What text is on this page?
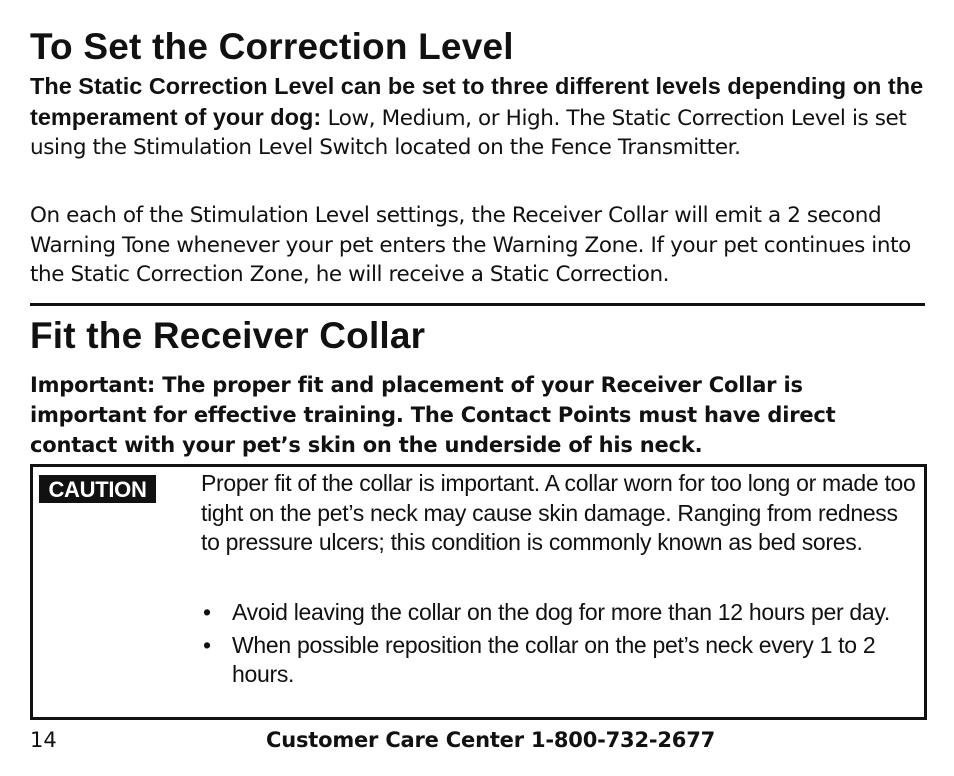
To Set the Correction Level

The Static Correction Level can be set to three different levels depending on the temperament of your dog: Low, Medium, or High. The Static Correction Level is set using the Stimulation Level Switch located on the Fence Transmitter.

On each of the Stimulation Level settings, the Receiver Collar will emit a 2 second Warning Tone whenever your pet enters the Warning Zone. If your pet continues into the Static Correction Zone, he will receive a Static Correction.

Fit the Receiver Collar

Important: The proper fit and placement of your Receiver Collar is important for effective training. The Contact Points must have direct contact with your pet’s skin on the underside of his neck.

CAUTION	Proper fit of the collar is important. A collar worn for too long or made too tight on the pet’s neck may cause skin damage. Ranging from redness to pressure ulcers; this condition is commonly known as bed sores.

• Avoid leaving the collar on the dog for more than 12 hours per day.
• When possible reposition the collar on the pet’s neck every 1 to 2 hours.
14	Customer Care Center 1-800-732-2677
